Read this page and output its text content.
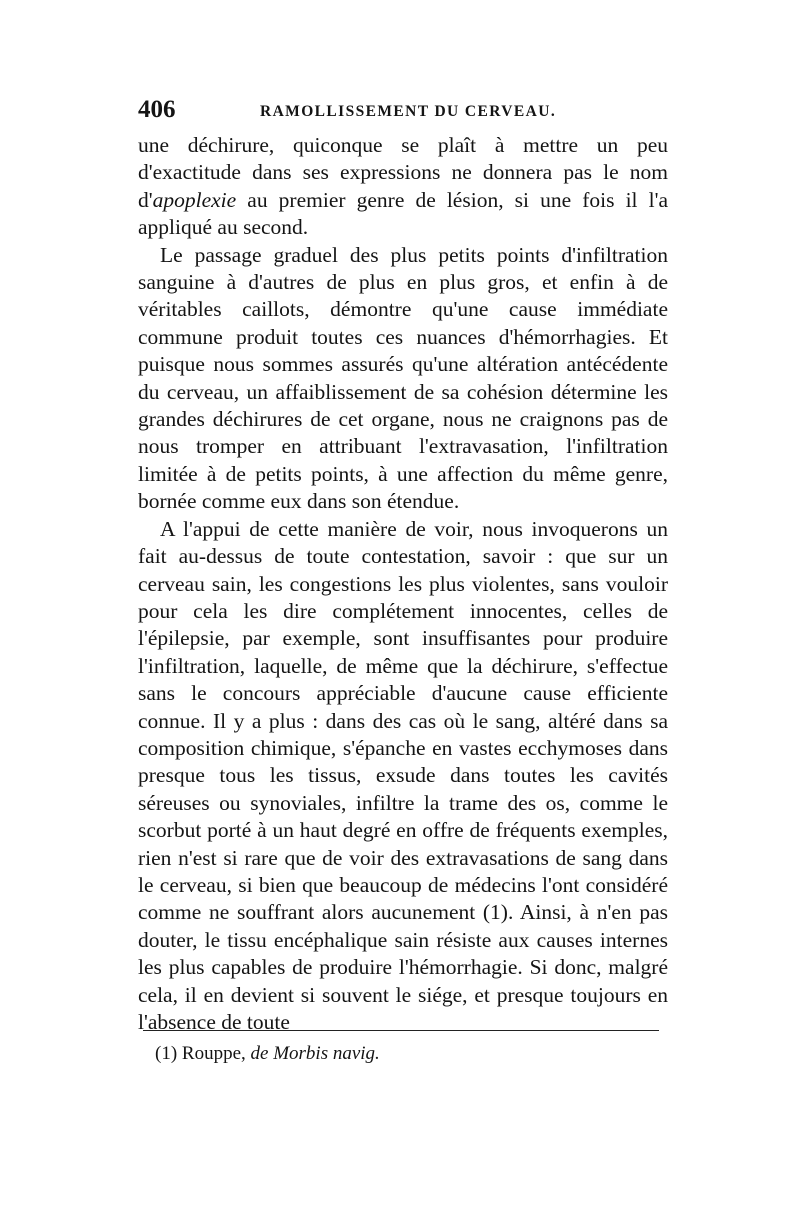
406	RAMOLLISSEMENT DU CERVEAU.

une déchirure, quiconque se plaît à mettre un peu d'exactitude dans ses expressions ne donnera pas le nom d'apoplexie au premier genre de lésion, si une fois il l'a appliqué au second.

Le passage graduel des plus petits points d'infiltration sanguine à d'autres de plus en plus gros, et enfin à de véritables caillots, démontre qu'une cause immédiate commune produit toutes ces nuances d'hémorrhagies. Et puisque nous sommes assurés qu'une altération antécédente du cerveau, un affaiblissement de sa cohésion détermine les grandes déchirures de cet organe, nous ne craignons pas de nous tromper en attribuant l'extravasation, l'infiltration limitée à de petits points, à une affection du même genre, bornée comme eux dans son étendue.

A l'appui de cette manière de voir, nous invoquerons un fait au-dessus de toute contestation, savoir : que sur un cerveau sain, les congestions les plus violentes, sans vouloir pour cela les dire complétement innocentes, celles de l'épilepsie, par exemple, sont insuffisantes pour produire l'infiltration, laquelle, de même que la déchirure, s'effectue sans le concours appréciable d'aucune cause efficiente connue. Il y a plus : dans des cas où le sang, altéré dans sa composition chimique, s'épanche en vastes ecchymoses dans presque tous les tissus, exsude dans toutes les cavités séreuses ou synoviales, infiltre la trame des os, comme le scorbut porté à un haut degré en offre de fréquents exemples, rien n'est si rare que de voir des extravasations de sang dans le cerveau, si bien que beaucoup de médecins l'ont considéré comme ne souffrant alors aucunement (1). Ainsi, à n'en pas douter, le tissu encéphalique sain résiste aux causes internes les plus capables de produire l'hémorrhagie. Si donc, malgré cela, il en devient si souvent le siége, et presque toujours en l'absence de toute

(1) Rouppe, de Morbis navig.
